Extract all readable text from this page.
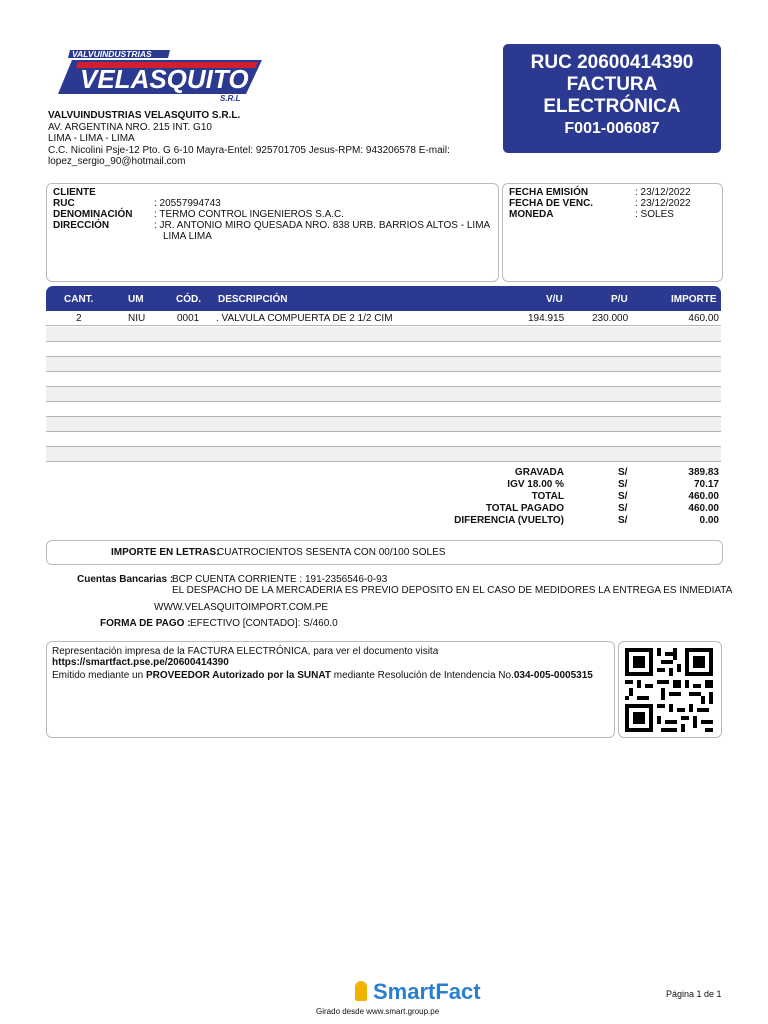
VALVUINDUSTRIAS
VELASQUITO
S.R.L
VALVUINDUSTRIAS VELASQUITO S.R.L.
AV. ARGENTINA NRO. 215 INT. G10
LIMA - LIMA - LIMA
C.C. Nicolini Psje-12 Pto. G 6-10 Mayra-Entel: 925701705 Jesus-RPM: 943206578 E-mail:
lopez_sergio_90@hotmail.com
RUC 20600414390
FACTURA
ELECTRÓNICA
F001-006087
CLIENTE
RUC	: 20557994743
DENOMINACIÓN : TERMO CONTROL INGENIEROS S.A.C.
DIRECCIÓN	: JR. ANTONIO MIRO QUESADA NRO. 838 URB. BARRIOS ALTOS - LIMA
LIMA LIMA
FECHA EMISIÓN	: 23/12/2022
FECHA DE VENC.	: 23/12/2022
MONEDA	: SOLES
CANT.	UM	CÓD. DESCRIPCIÓN	V/U	P/U	IMPORTE
2	NIU	0001 . VALVULA COMPUERTA DE 2 1/2 CIM	194.915	230.000	460.00
GRAVADA	S/	389.83
IGV 18.00 %	S/	70.17
TOTAL	S/	460.00
TOTAL PAGADO	S/	460.00
DIFERENCIA (VUELTO)	S/	0.00
IMPORTE EN LETRAS:
CUATROCIENTOS SESENTA CON 00/100 SOLES
Cuentas Bancarias :
BCP CUENTA CORRIENTE : 191-2356546-0-93
EL DESPACHO DE LA MERCADERIA ES PREVIO DEPOSITO EN EL CASO DE MEDIDORES LA ENTREGA ES INMEDIATA
WWW.VELASQUITOIMPORT.COM.PE
FORMA DE PAGO : EFECTIVO [CONTADO]: S/460.0
Representación impresa de la FACTURA ELECTRÓNICA, para ver el documento visita
https://smartfact.pse.pe/20600414390
Emitido mediante un PROVEEDOR Autorizado por la SUNAT mediante Resolución de Intendencia No.034-005-0005315
SmartFact
Girado desde www.smart.group.pe
Página 1 de 1
